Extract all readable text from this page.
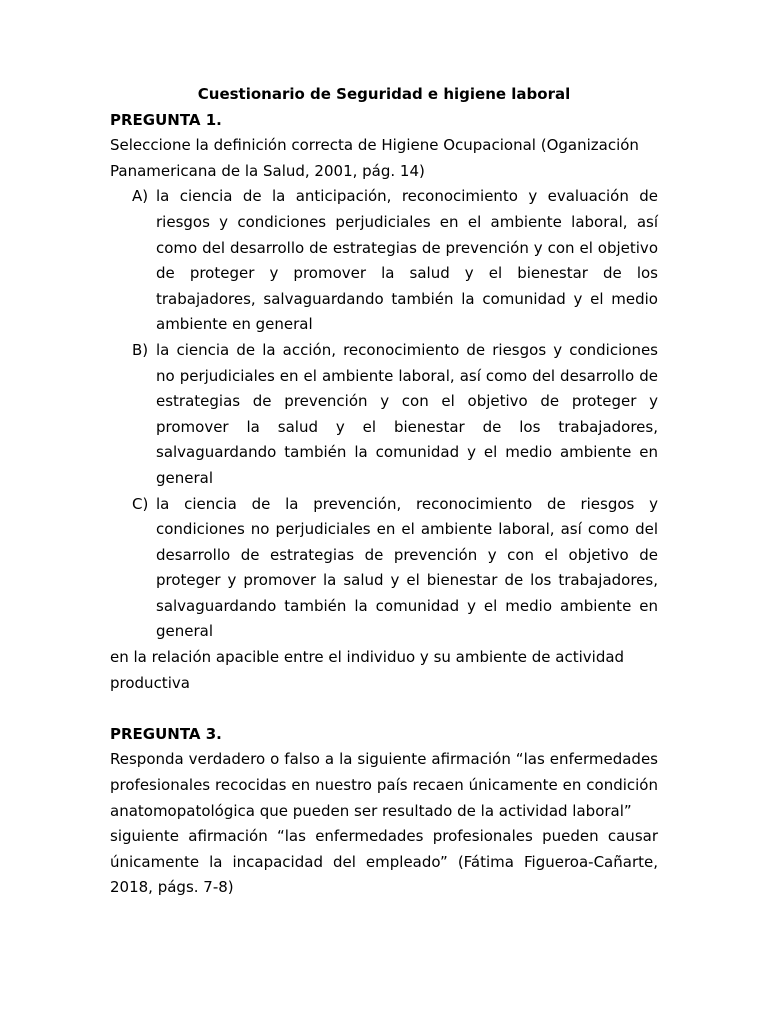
Cuestionario de Seguridad e higiene laboral

PREGUNTA 1.

Seleccione la definición correcta de Higiene Ocupacional (Oganización Panamericana de la Salud, 2001, pág. 14)

A) la ciencia de la anticipación, reconocimiento y evaluación de riesgos y condiciones perjudiciales en el ambiente laboral, así como del desarrollo de estrategias de prevención y con el objetivo de proteger y promover la salud y el bienestar de los trabajadores, salvaguardando también la comunidad y el medio ambiente en general
B) la ciencia de la acción, reconocimiento de riesgos y condiciones no perjudiciales en el ambiente laboral, así como del desarrollo de estrategias de prevención y con el objetivo de proteger y promover la salud y el bienestar de los trabajadores, salvaguardando también la comunidad y el medio ambiente en general
C) la ciencia de la prevención, reconocimiento de riesgos y condiciones no perjudiciales en el ambiente laboral, así como del desarrollo de estrategias de prevención y con el objetivo de proteger y promover la salud y el bienestar de los trabajadores, salvaguardando también la comunidad y el medio ambiente en general

en la relación apacible entre el individuo y su ambiente de actividad productiva

PREGUNTA 3.

Responda verdadero o falso a la siguiente afirmación “las enfermedades profesionales recocidas en nuestro país recaen únicamente en condición anatomopatológica que pueden ser resultado de la actividad laboral”

siguiente afirmación “las enfermedades profesionales pueden causar únicamente la incapacidad del empleado” (Fátima Figueroa-Cañarte, 2018, págs. 7-8)
